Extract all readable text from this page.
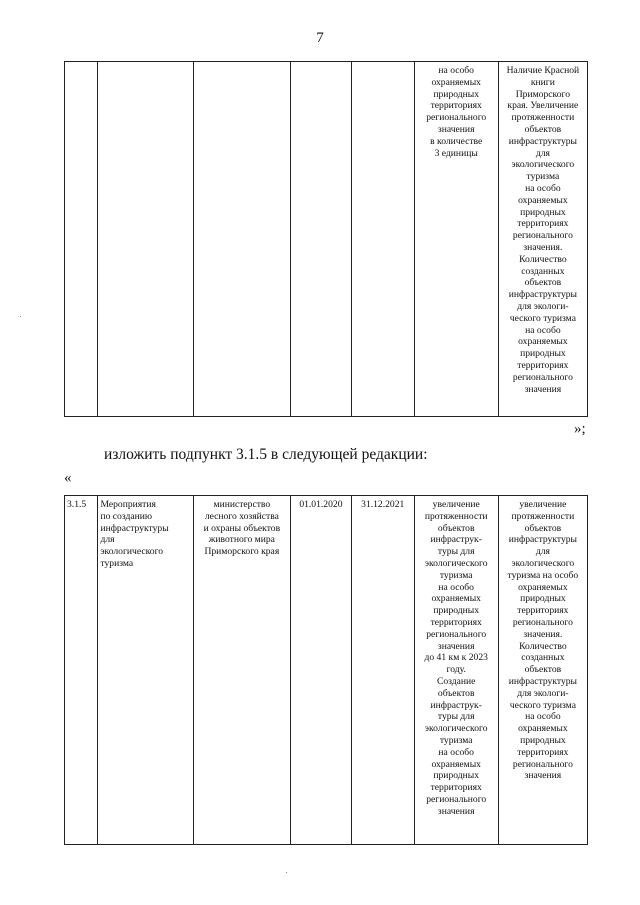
7
					на особо
охраняемых
природных
территориях
регионального
значения
в количестве
3 единицы	Наличие Красной
книги
Приморского
края. Увеличение
протяженности
объектов
инфраструктуры
для
экологического
туризма
на особо
охраняемых
природных
территориях
регионального
значения.
Количество
созданных
объектов
инфраструктуры
для экологи-
ческого туризма
на особо
охраняемых
природных
территориях
регионального
значения
»;
изложить подпункт 3.1.5 в следующей редакции:
«
3.1.5	Мероприятия
по созданию
инфраструктуры
для
экологического
туризма	министерство
лесного хозяйства
и охраны объектов
животного мира
Приморского края	01.01.2020	31.12.2021	увеличение
протяженности
объектов
инфраструк-
туры для
экологического
туризма
на особо
охраняемых
природных
территориях
регионального
значения
до 41 км к 2023
году.
Создание
объектов
инфраструк-
туры для
экологического
туризма
на особо
охраняемых
природных
территориях
регионального
значения	увеличение
протяженности
объектов
инфраструктуры
для
экологического
туризма на особо
охраняемых
природных
территориях
регионального
значения.
Количество
созданных
объектов
инфраструктуры
для экологи-
ческого туризма
на особо
охраняемых
природных
территориях
регионального
значения
